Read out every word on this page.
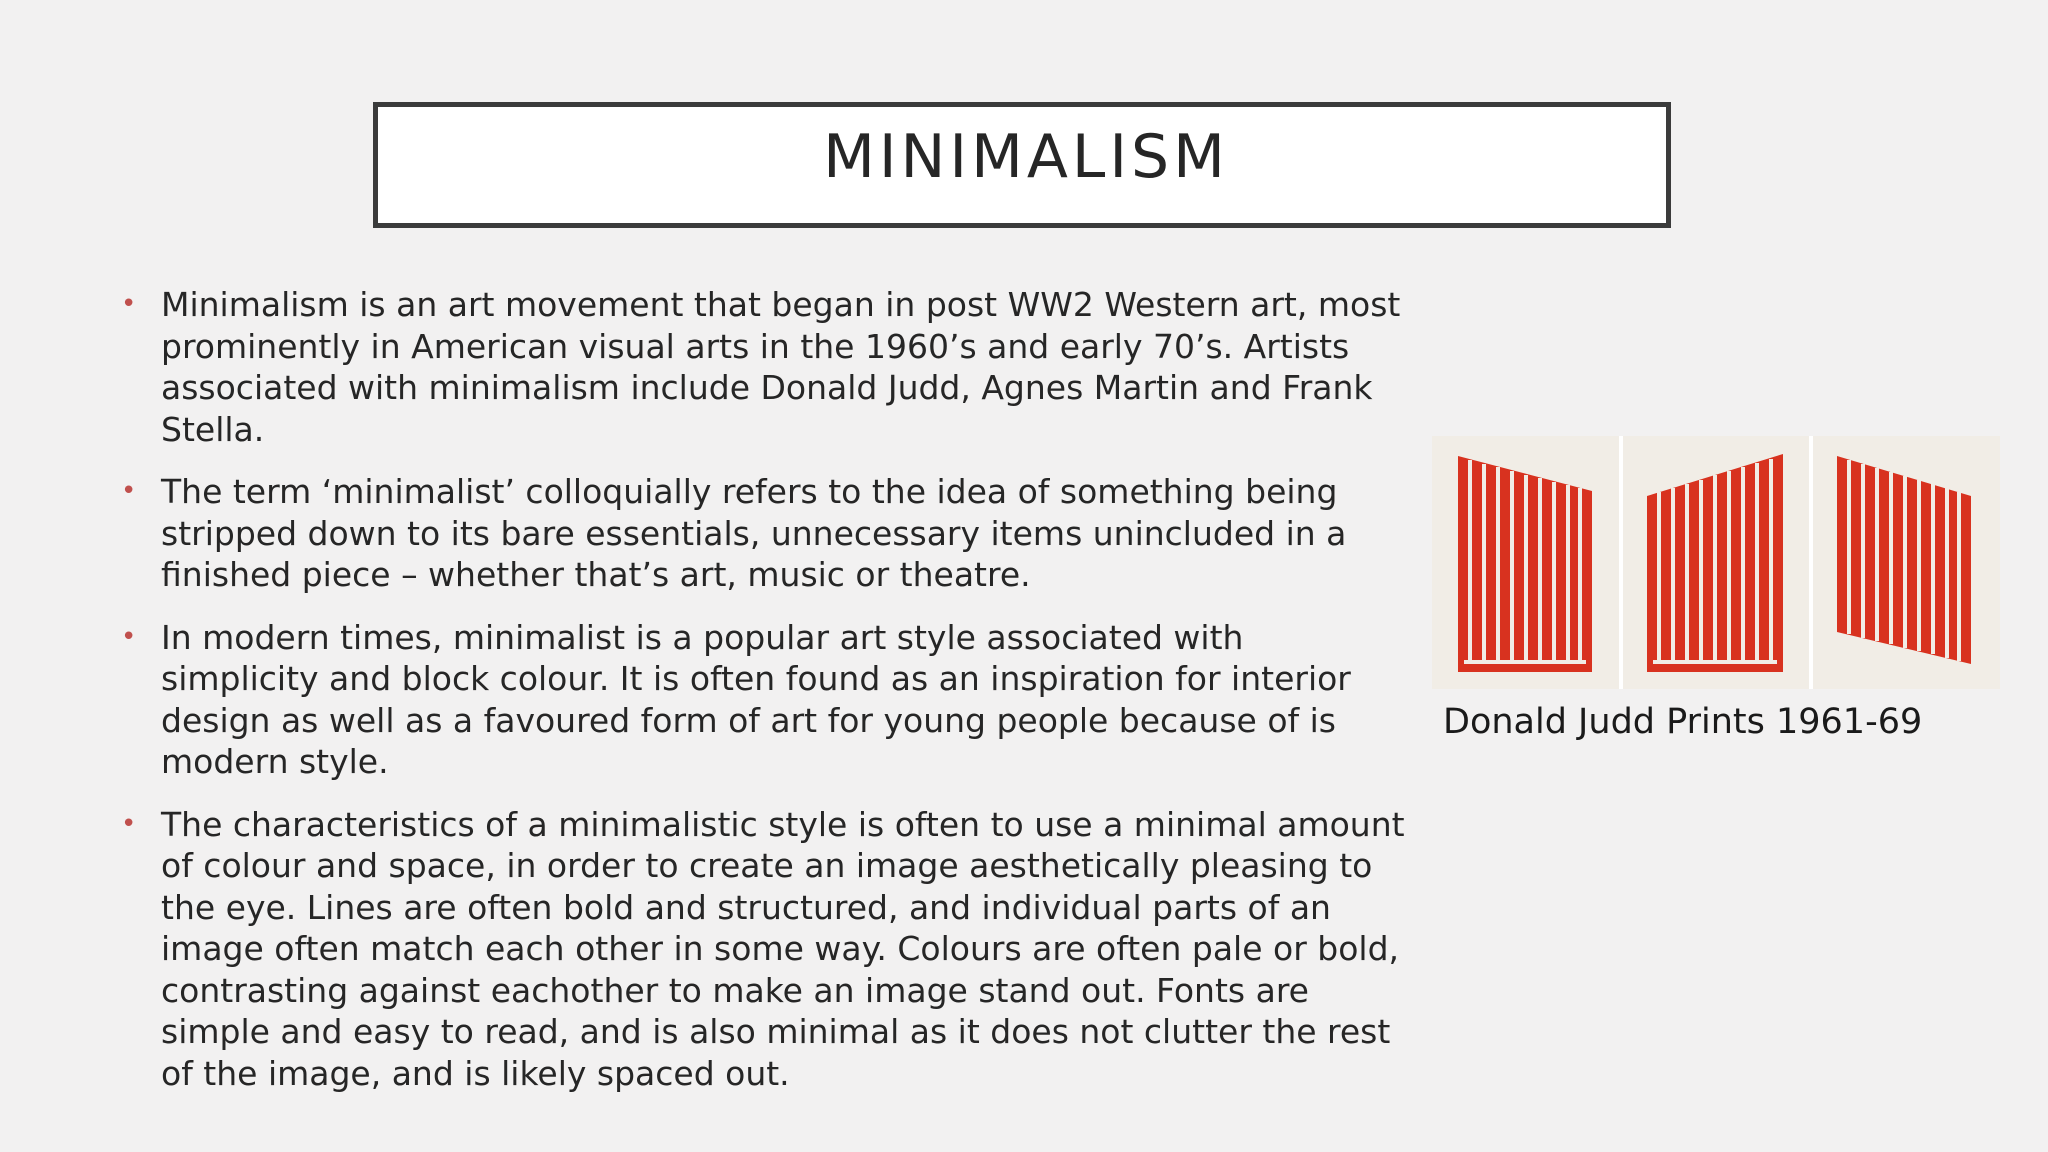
MINIMALISM
• Minimalism is an art movement that began in post WW2 Western art, most prominently in American visual arts in the 1960’s and early 70’s. Artists associated with minimalism include Donald Judd, Agnes Martin and Frank Stella.
• The term ‘minimalist’ colloquially refers to the idea of something being stripped down to its bare essentials, unnecessary items unincluded in a finished piece – whether that’s art, music or theatre.
• In modern times, minimalist is a popular art style associated with simplicity and block colour. It is often found as an inspiration for interior design as well as a favoured form of art for young people because of is modern style.
• The characteristics of a minimalistic style is often to use a minimal amount of colour and space, in order to create an image aesthetically pleasing to the eye. Lines are often bold and structured, and individual parts of an image often match each other in some way. Colours are often pale or bold, contrasting against eachother to make an image stand out. Fonts are simple and easy to read, and is also minimal as it does not clutter the rest of the image, and is likely spaced out.
Donald Judd Prints 1961-69
